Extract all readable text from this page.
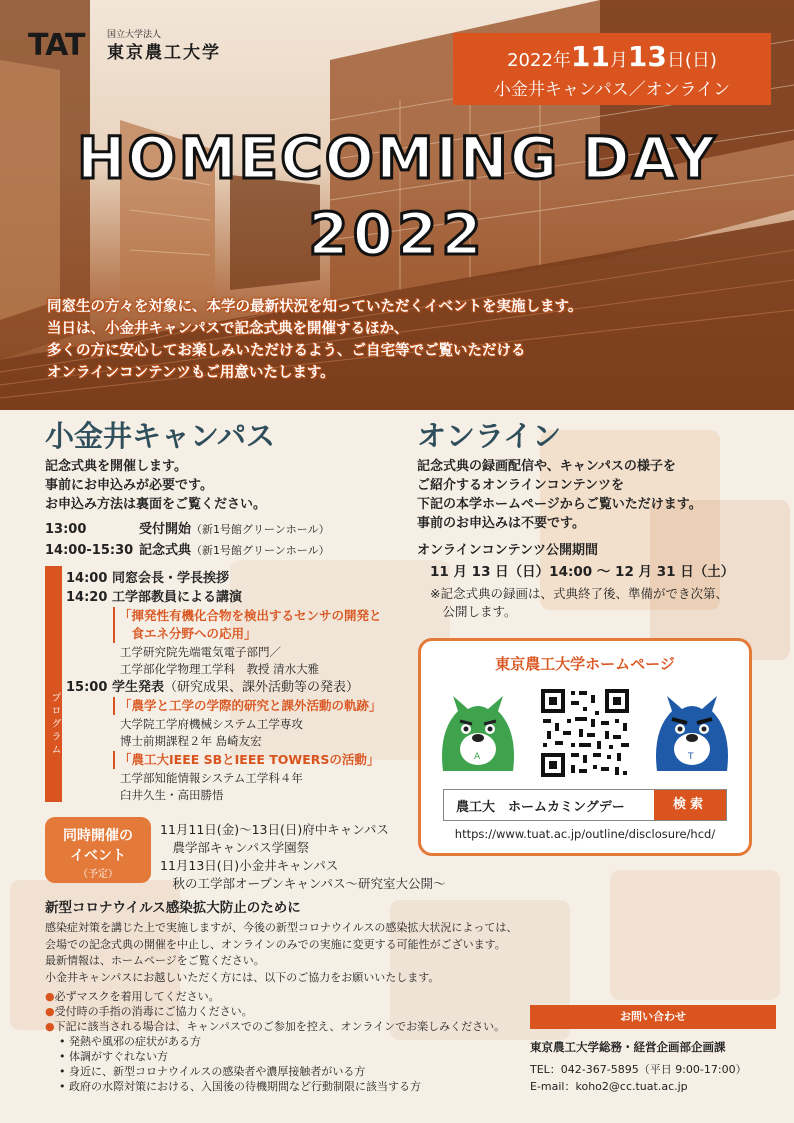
TAT	国立大学法人
東京農工大学	2022年11月13日(日)
小金井キャンパス／オンライン
HOMECOMING DAY
2022
同窓生の方々を対象に、本学の最新状況を知っていただくイベントを実施します。
当日は、小金井キャンパスで記念式典を開催するほか、
多くの方に安心してお楽しみいただけるよう、ご自宅等でご覧いただける
オンラインコンテンツもご用意いたします。
小金井キャンパス
記念式典を開催します。
事前にお申込みが必要です。
お申込み方法は裏面をご覧ください。
13:00	受付開始（新1号館グリーンホール）
14:00-15:30 記念式典（新1号館グリーンホール）
プログラム
14:00 同窓会長・学長挨拶
14:20 工学部教員による講演
「揮発性有機化合物を検出するセンサの開発と
　食エネ分野への応用」
工学研究院先端電気電子部門／
工学部化学物理工学科　教授 清水大雅
15:00 学生発表（研究成果、課外活動等の発表）
「農学と工学の学際的研究と課外活動の軌跡」
大学院工学府機械システム工学専攻
博士前期課程２年 島崎友宏
「農工大IEEE SBとIEEE TOWERSの活動」
工学部知能情報システム工学科４年
臼井久生・高田勝悟
同時開催の
イベント
（予定）
11月11日(金)～13日(日)府中キャンパス
　農学部キャンパス学園祭
11月13日(日)小金井キャンパス
　秋の工学部オープンキャンパス～研究室大公開～
オンライン
記念式典の録画配信や、キャンパスの様子を
ご紹介するオンラインコンテンツを
下記の本学ホームページからご覧いただけます。
事前のお申込みは不要です。
オンラインコンテンツ公開期間
11 月 13 日（日）14:00 ～ 12 月 31 日（土）
※記念式典の録画は、式典終了後、準備ができ次第、
　公開します。
東京農工大学ホームページ
A	T
農工大　ホームカミングデー	検索
https://www.tuat.ac.jp/outline/disclosure/hcd/
新型コロナウイルス感染拡大防止のために
感染症対策を講じた上で実施しますが、今後の新型コロナウイルスの感染拡大状況によっては、
会場での記念式典の開催を中止し、オンラインのみでの実施に変更する可能性がございます。
最新情報は、ホームページをご覧ください。
小金井キャンパスにお越しいただく方には、以下のご協力をお願いいたします。
●必ずマスクを着用してください。
●受付時の手指の消毒にご協力ください。
●下記に該当される場合は、キャンパスでのご参加を控え、オンラインでお楽しみください。
• 発熱や風邪の症状がある方
• 体調がすぐれない方
• 身近に、新型コロナウイルスの感染者や濃厚接触者がいる方
• 政府の水際対策における、入国後の待機期間など行動制限に該当する方
お問い合わせ
東京農工大学総務・経営企画部企画課
TEL：042-367-5895（平日 9:00-17:00）
E-mail：koho2@cc.tuat.ac.jp
